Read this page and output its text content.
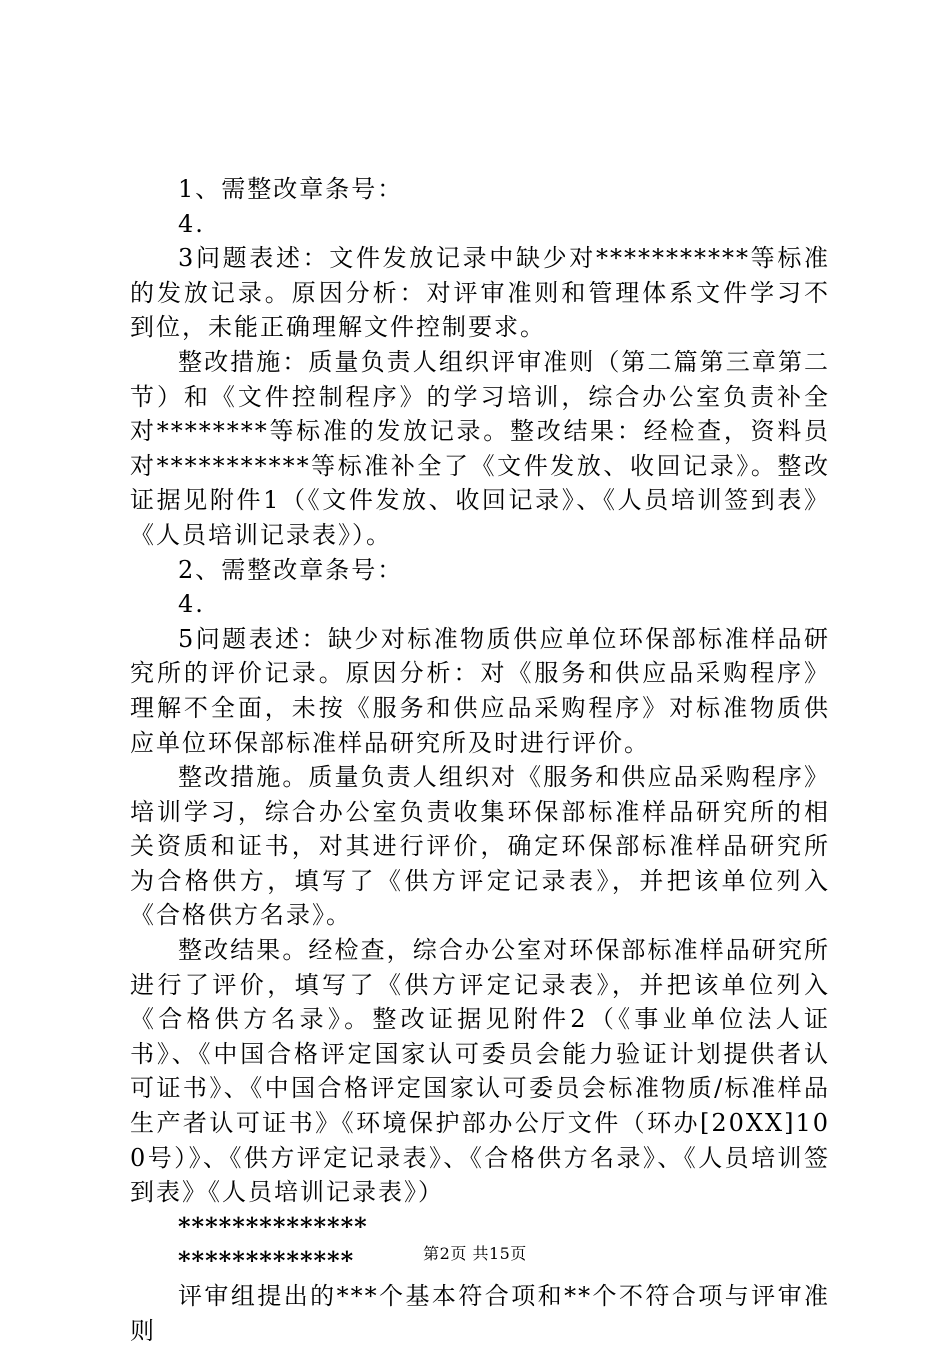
1、需整改章条号：

4.

3问题表述：文件发放记录中缺少对***********等标准的发放记录。原因分析：对评审准则和管理体系文件学习不到位，未能正确理解文件控制要求。

整改措施：质量负责人组织评审准则（第二篇第三章第二节）和《文件控制程序》的学习培训，综合办公室负责补全对********等标准的发放记录。整改结果：经检查，资料员对***********等标准补全了《文件发放、收回记录》。整改证据见附件1（《文件发放、收回记录》、《人员培训签到表》《人员培训记录表》）。

2、需整改章条号：

4.

5问题表述：缺少对标准物质供应单位环保部标准样品研究所的评价记录。原因分析：对《服务和供应品采购程序》理解不全面，未按《服务和供应品采购程序》对标准物质供应单位环保部标准样品研究所及时进行评价。

整改措施。质量负责人组织对《服务和供应品采购程序》培训学习，综合办公室负责收集环保部标准样品研究所的相关资质和证书，对其进行评价，确定环保部标准样品研究所为合格供方，填写了《供方评定记录表》，并把该单位列入《合格供方名录》。

整改结果。经检查，综合办公室对环保部标准样品研究所进行了评价，填写了《供方评定记录表》，并把该单位列入《合格供方名录》。整改证据见附件2（《事业单位法人证书》、《中国合格评定国家认可委员会能力验证计划提供者认可证书》、《中国合格评定国家认可委员会标准物质/标准样品生产者认可证书》《环境保护部办公厅文件（环办[20XX]100号）》、《供方评定记录表》、《合格供方名录》、《人员培训签到表》《人员培训记录表》）

**************

*************

评审组提出的***个基本符合项和**个不符合项与评审准则

第2页 共15页
